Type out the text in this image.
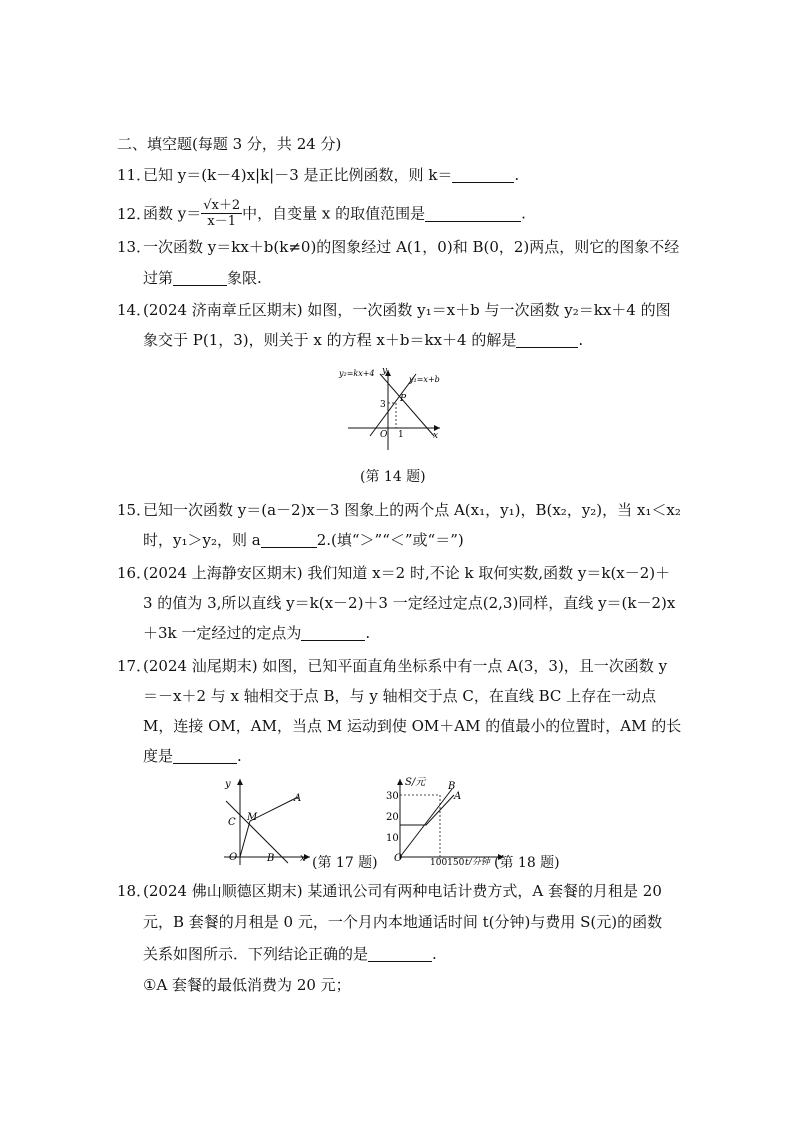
二、填空题(每题 3 分，共 24 分)
11．已知 y＝(k－4)x|k|－3 是正比例函数，则 k＝	.
12．函数 $y= \frac{√x+2}{x-1}$ 中，自变量 x 的取值范围是	.
13．一次函数 y＝kx＋b(k≠0)的图象经过 A(1，0)和 B(0，2)两点，则它的图象不经
过第	象限.
14．(2024 济南章丘区期末) 如图，一次函数 y₁＝x＋b 与一次函数 y₂＝kx＋4 的图
象交于 P(1，3)，则关于 x 的方程 x＋b＝kx＋4 的解是	.
y₂=kx+4
y₁=x+b
y
x
P
3
O 1
(第 14 题)
15．已知一次函数 y＝(a－2)x－3 图象上的两个点 A(x₁，y₁)，B(x₂，y₂)，当 x₁＜x₂
时，y₁＞y₂，则 a	2.(填“＞”“＜”或“＝”)
16．(2024 上海静安区期末) 我们知道 x＝2 时,不论 k 取何实数,函数 y＝k(x－2)＋
3 的值为 3,所以直线 y＝k(x－2)＋3 一定经过定点(2,3)同样，直线 y＝(k－2)x
＋3k 一定经过的定点为	.
17．(2024 汕尾期末) 如图，已知平面直角坐标系中有一点 A(3，3)，且一次函数 y
＝－x＋2 与 x 轴相交于点 B，与 y 轴相交于点 C，在直线 BC 上存在一动点
M，连接 OM，AM，当点 M 运动到使 OM＋AM 的值最小的位置时，AM 的长
度是	.
y
x
A
C M
O	B	(第 17 题)
S/元 B
A
30
20
10
O	100150 t/分钟 (第 18 题)
18．(2024 佛山顺德区期末) 某通讯公司有两种电话计费方式，A 套餐的月租是 20
元，B 套餐的月租是 0 元，一个月内本地通话时间 t(分钟)与费用 S(元)的函数
关系如图所示．下列结论正确的是	.
①A 套餐的最低消费为 20 元；
